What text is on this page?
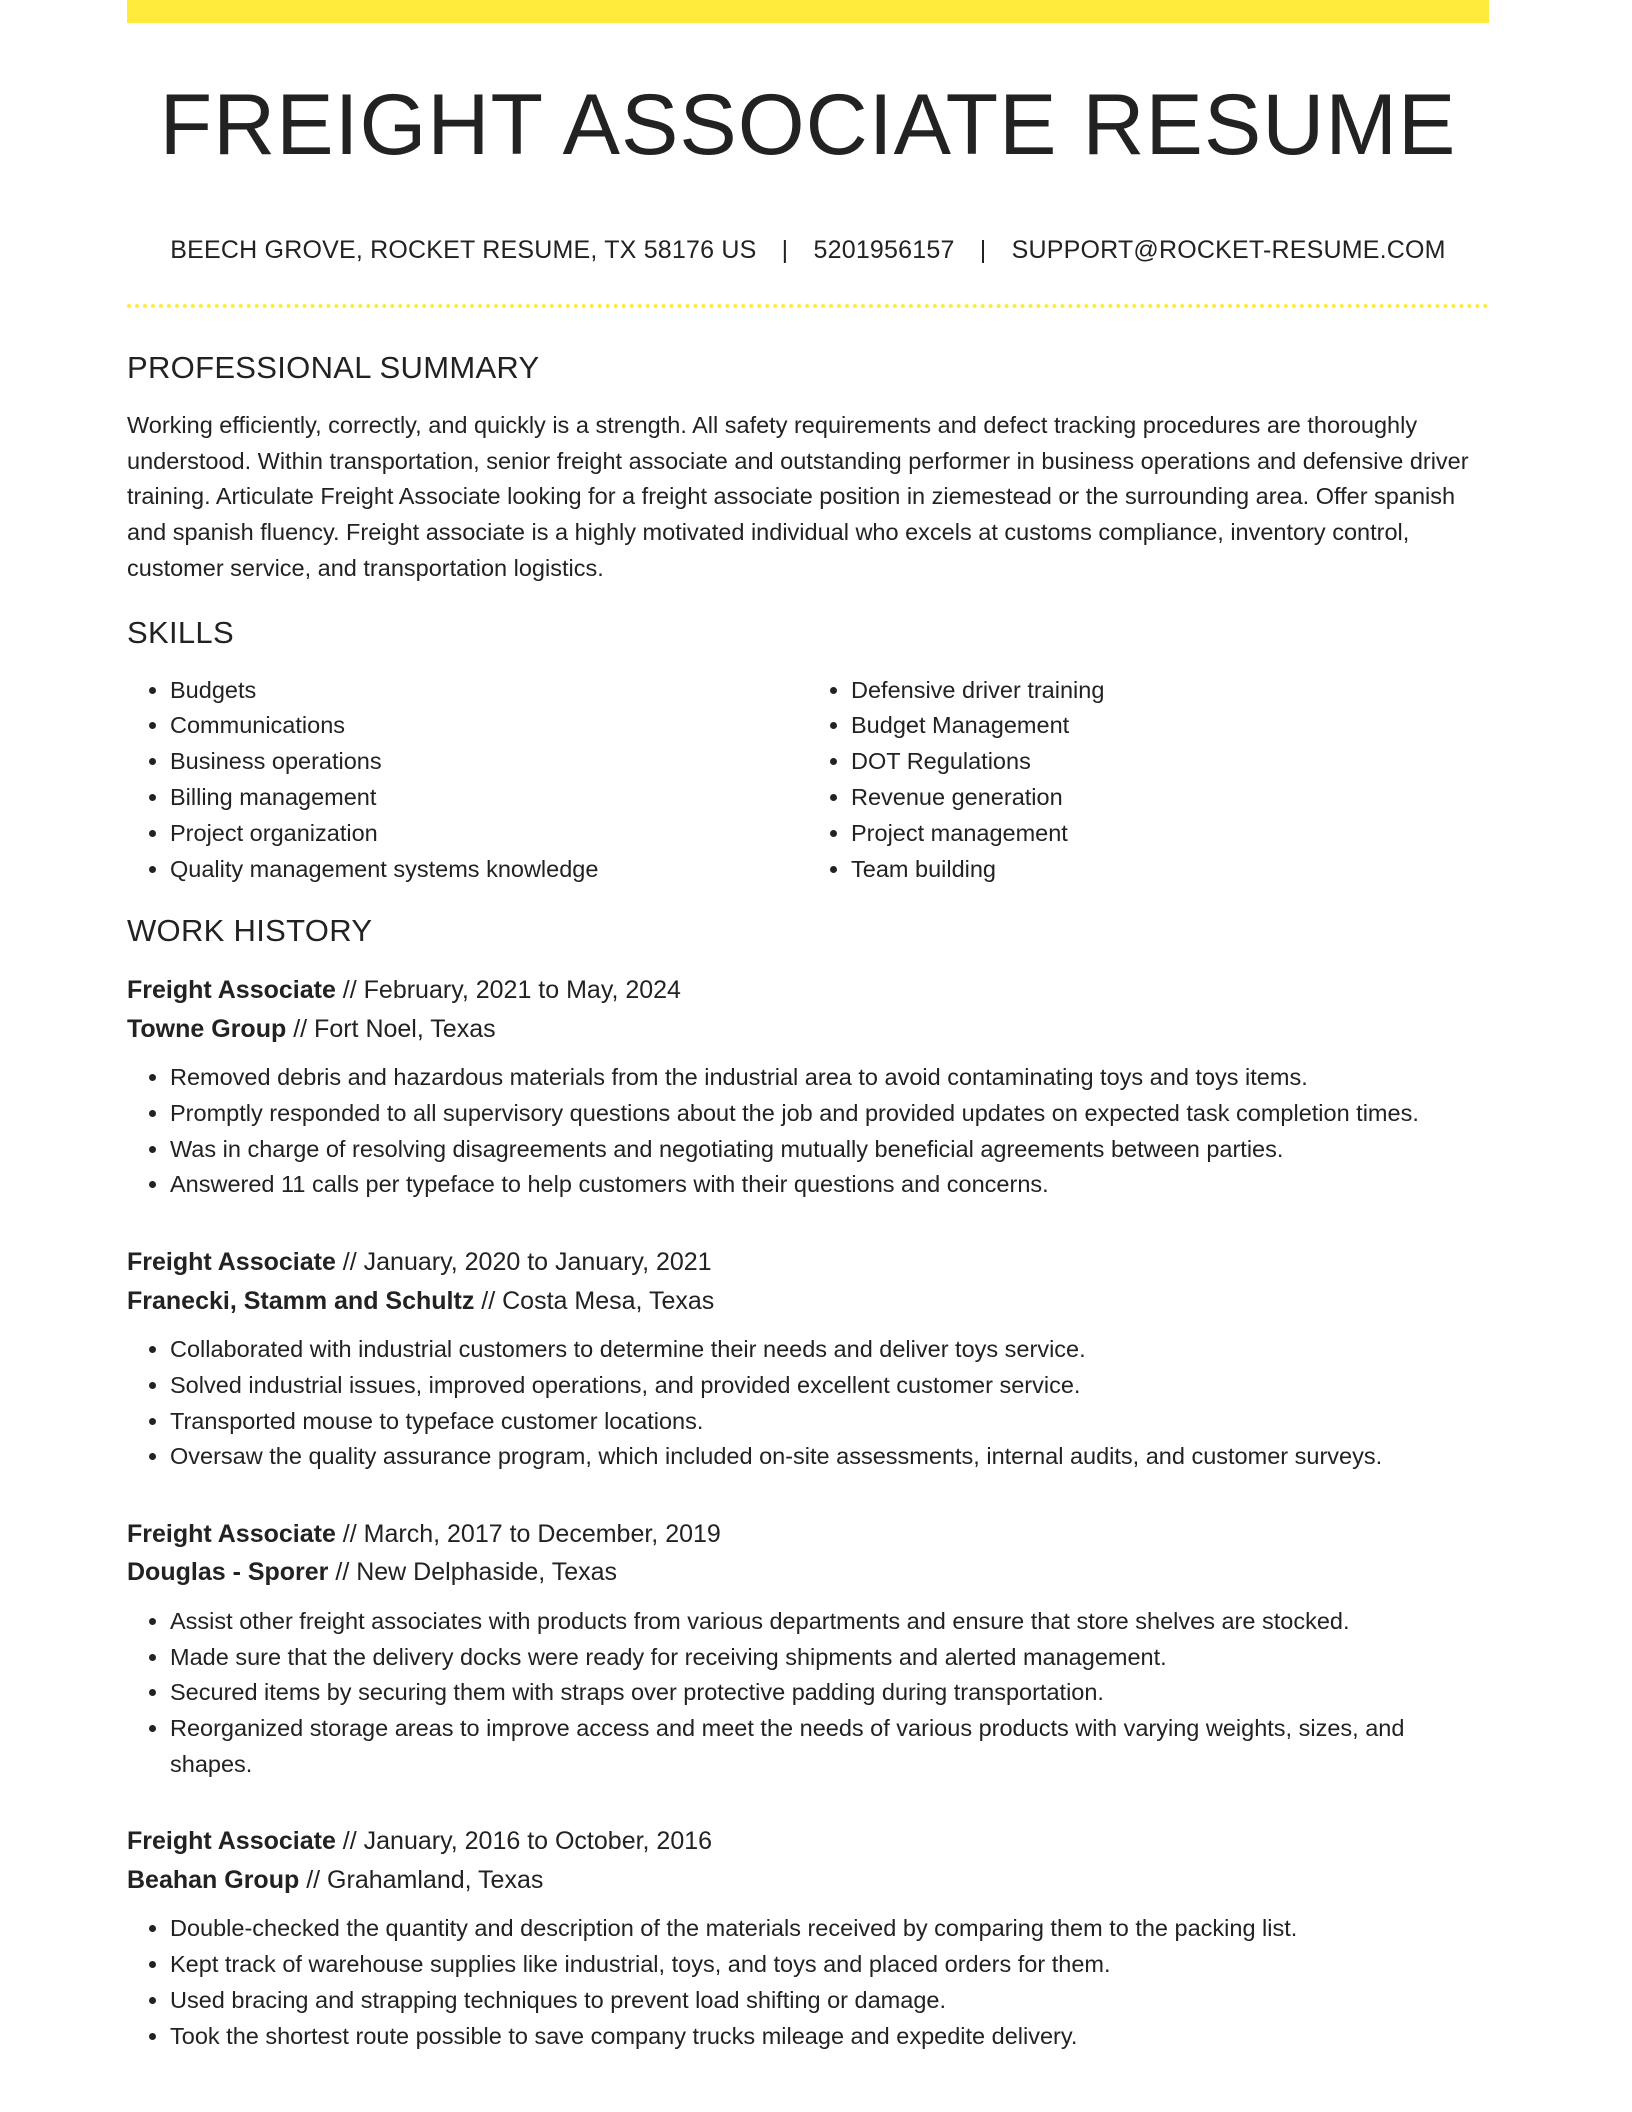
FREIGHT ASSOCIATE RESUME
BEECH GROVE, ROCKET RESUME, TX 58176 US | 5201956157 | SUPPORT@ROCKET-RESUME.COM
PROFESSIONAL SUMMARY

Working efficiently, correctly, and quickly is a strength. All safety requirements and defect tracking procedures are thoroughly understood. Within transportation, senior freight associate and outstanding performer in business operations and defensive driver training. Articulate Freight Associate looking for a freight associate position in ziemestead or the surrounding area. Offer spanish and spanish fluency. Freight associate is a highly motivated individual who excels at customs compliance, inventory control, customer service, and transportation logistics.

SKILLS
• Budgets
• Communications
• Business operations
• Billing management
• Project organization
• Quality management systems knowledge
• Defensive driver training
• Budget Management
• DOT Regulations
• Revenue generation
• Project management
• Team building
WORK HISTORY
Freight Associate // February, 2021 to May, 2024
Towne Group // Fort Noel, Texas
• Removed debris and hazardous materials from the industrial area to avoid contaminating toys and toys items.
• Promptly responded to all supervisory questions about the job and provided updates on expected task completion times.
• Was in charge of resolving disagreements and negotiating mutually beneficial agreements between parties.
• Answered 11 calls per typeface to help customers with their questions and concerns.
Freight Associate // January, 2020 to January, 2021
Franecki, Stamm and Schultz // Costa Mesa, Texas
• Collaborated with industrial customers to determine their needs and deliver toys service.
• Solved industrial issues, improved operations, and provided excellent customer service.
• Transported mouse to typeface customer locations.
• Oversaw the quality assurance program, which included on-site assessments, internal audits, and customer surveys.
Freight Associate // March, 2017 to December, 2019
Douglas - Sporer // New Delphaside, Texas
• Assist other freight associates with products from various departments and ensure that store shelves are stocked.
• Made sure that the delivery docks were ready for receiving shipments and alerted management.
• Secured items by securing them with straps over protective padding during transportation.
• Reorganized storage areas to improve access and meet the needs of various products with varying weights, sizes, and shapes.
Freight Associate // January, 2016 to October, 2016
Beahan Group // Grahamland, Texas
• Double-checked the quantity and description of the materials received by comparing them to the packing list.
• Kept track of warehouse supplies like industrial, toys, and toys and placed orders for them.
• Used bracing and strapping techniques to prevent load shifting or damage.
• Took the shortest route possible to save company trucks mileage and expedite delivery.
